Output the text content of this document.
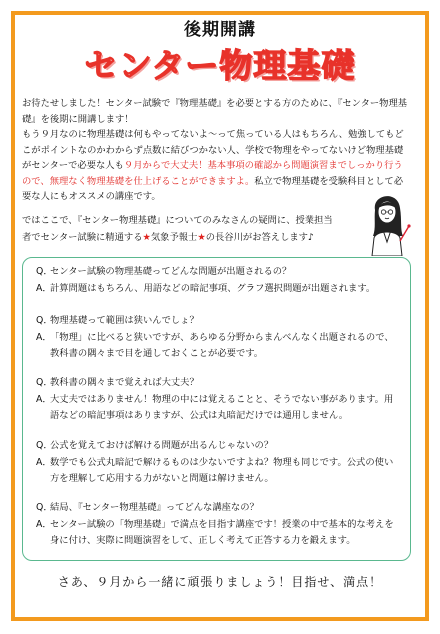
後期開講
センター物理基礎

お待たせしました！センター試験で『物理基礎』を必要とする方のために、『センター物理基礎』を後期に開講します！

もう９月なのに物理基礎は何もやってないよ～って焦っている人はもちろん、勉強してもどこがポイントなのかわからず点数に結びつかない人、学校で物理をやってないけど物理基礎がセンターで必要な人も９月からで大丈夫！基本事項の確認から問題演習までしっかり行うので、無理なく物理基礎を仕上げることができますよ。私立で物理基礎を受験科目として必要な人にもオススメの講座です。

ではここで、『センター物理基礎』についてのみなさんの疑問に、授業担当
者でセンター試験に精通する★気象予報士★の長谷川がお答えします♪
Q．
センター試験の物理基礎ってどんな問題が出題されるの？
A．
計算問題はもちろん、用語などの暗記事項、グラフ選択問題が出題されます。
Q．
物理基礎って範囲は狭いんでしょ？
A．
「物理」に比べると狭いですが、あらゆる分野からまんべんなく出題されるので、教科書の隅々まで目を通しておくことが必要です。
Q．
教科書の隅々まで覚えれば大丈夫？
A．
大丈夫ではありません！物理の中には覚えることと、そうでない事があります。用語などの暗記事項はありますが、公式は丸暗記だけでは通用しません。
Q．
公式を覚えておけば解ける問題が出るんじゃないの？
A．
数学でも公式丸暗記で解けるものは少ないですよね？物理も同じです。公式の使い方を理解して応用する力がないと問題は解けません。
Q．
結局、『センター物理基礎』ってどんな講座なの？
A．
センター試験の「物理基礎」で満点を目指す講座です！授業の中で基本的な考えを身に付け、実際に問題演習をして、正しく考えて正答する力を鍛えます。
さあ、９月から一緒に頑張りましょう！目指せ、満点！
